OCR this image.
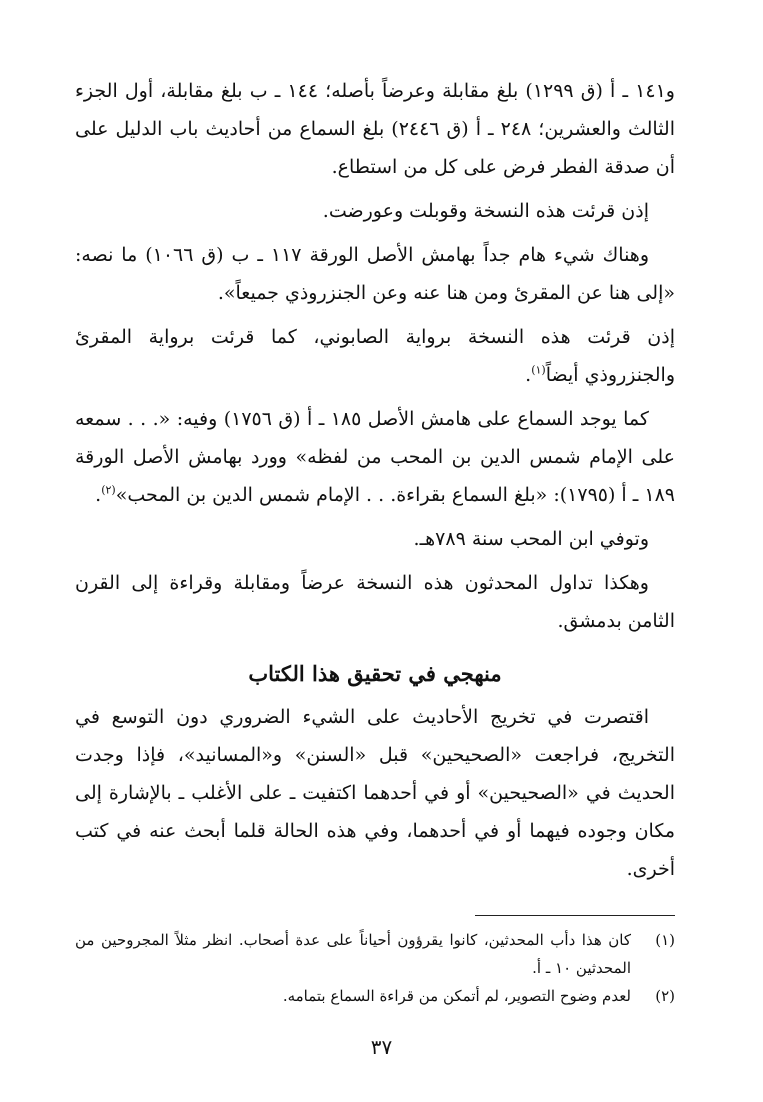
و١٤١ ـ أ (ق ١٢٩٩) بلغ مقابلة وعرضاً بأصله؛ ١٤٤ ـ ب بلغ مقابلة، أول الجزء الثالث والعشرين؛ ٢٤٨ ـ أ (ق ٢٤٤٦) بلغ السماع من أحاديث باب الدليل على أن صدقة الفطر فرض على كل من استطاع.

إذن قرئت هذه النسخة وقوبلت وعورضت.

وهناك شيء هام جداً بهامش الأصل الورقة ١١٧ ـ ب (ق ١٠٦٦) ما نصه: «إلى هنا عن المقرئ ومن هنا عنه وعن الجنزروذي جميعاً».

إذن قرئت هذه النسخة برواية الصابوني، كما قرئت برواية المقرئ والجنزروذي أيضاً$^{(١)}$.

كما يوجد السماع على هامش الأصل ١٨٥ ـ أ (ق ١٧٥٦) وفيه: «. . . سمعه على الإمام شمس الدين بن المحب من لفظه» وورد بهامش الأصل الورقة ١٨٩ ـ أ (١٧٩٥): «بلغ السماع بقراءة. . . الإمام شمس الدين بن المحب»$^{(٢)}$.

وتوفي ابن المحب سنة ٧٨٩هـ.

وهكذا تداول المحدثون هذه النسخة عرضاً ومقابلة وقراءة إلى القرن الثامن بدمشق.

منهجي في تحقيق هذا الكتاب

اقتصرت في تخريج الأحاديث على الشيء الضروري دون التوسع في التخريج، فراجعت «الصحيحين» قبل «السنن» و«المسانيد»، فإذا وجدت الحديث في «الصحيحين» أو في أحدهما اكتفيت ـ على الأغلب ـ بالإشارة إلى مكان وجوده فيهما أو في أحدهما، وفي هذه الحالة قلما أبحث عنه في كتب أخرى.

(١)
كان هذا دأب المحدثين، كانوا يقرؤون أحياناً على عدة أصحاب. انظر مثلاً المجروحين من المحدثين ١٠ ـ أ.
(٢)
لعدم وضوح التصوير، لم أتمكن من قراءة السماع بتمامه.
٣٧
